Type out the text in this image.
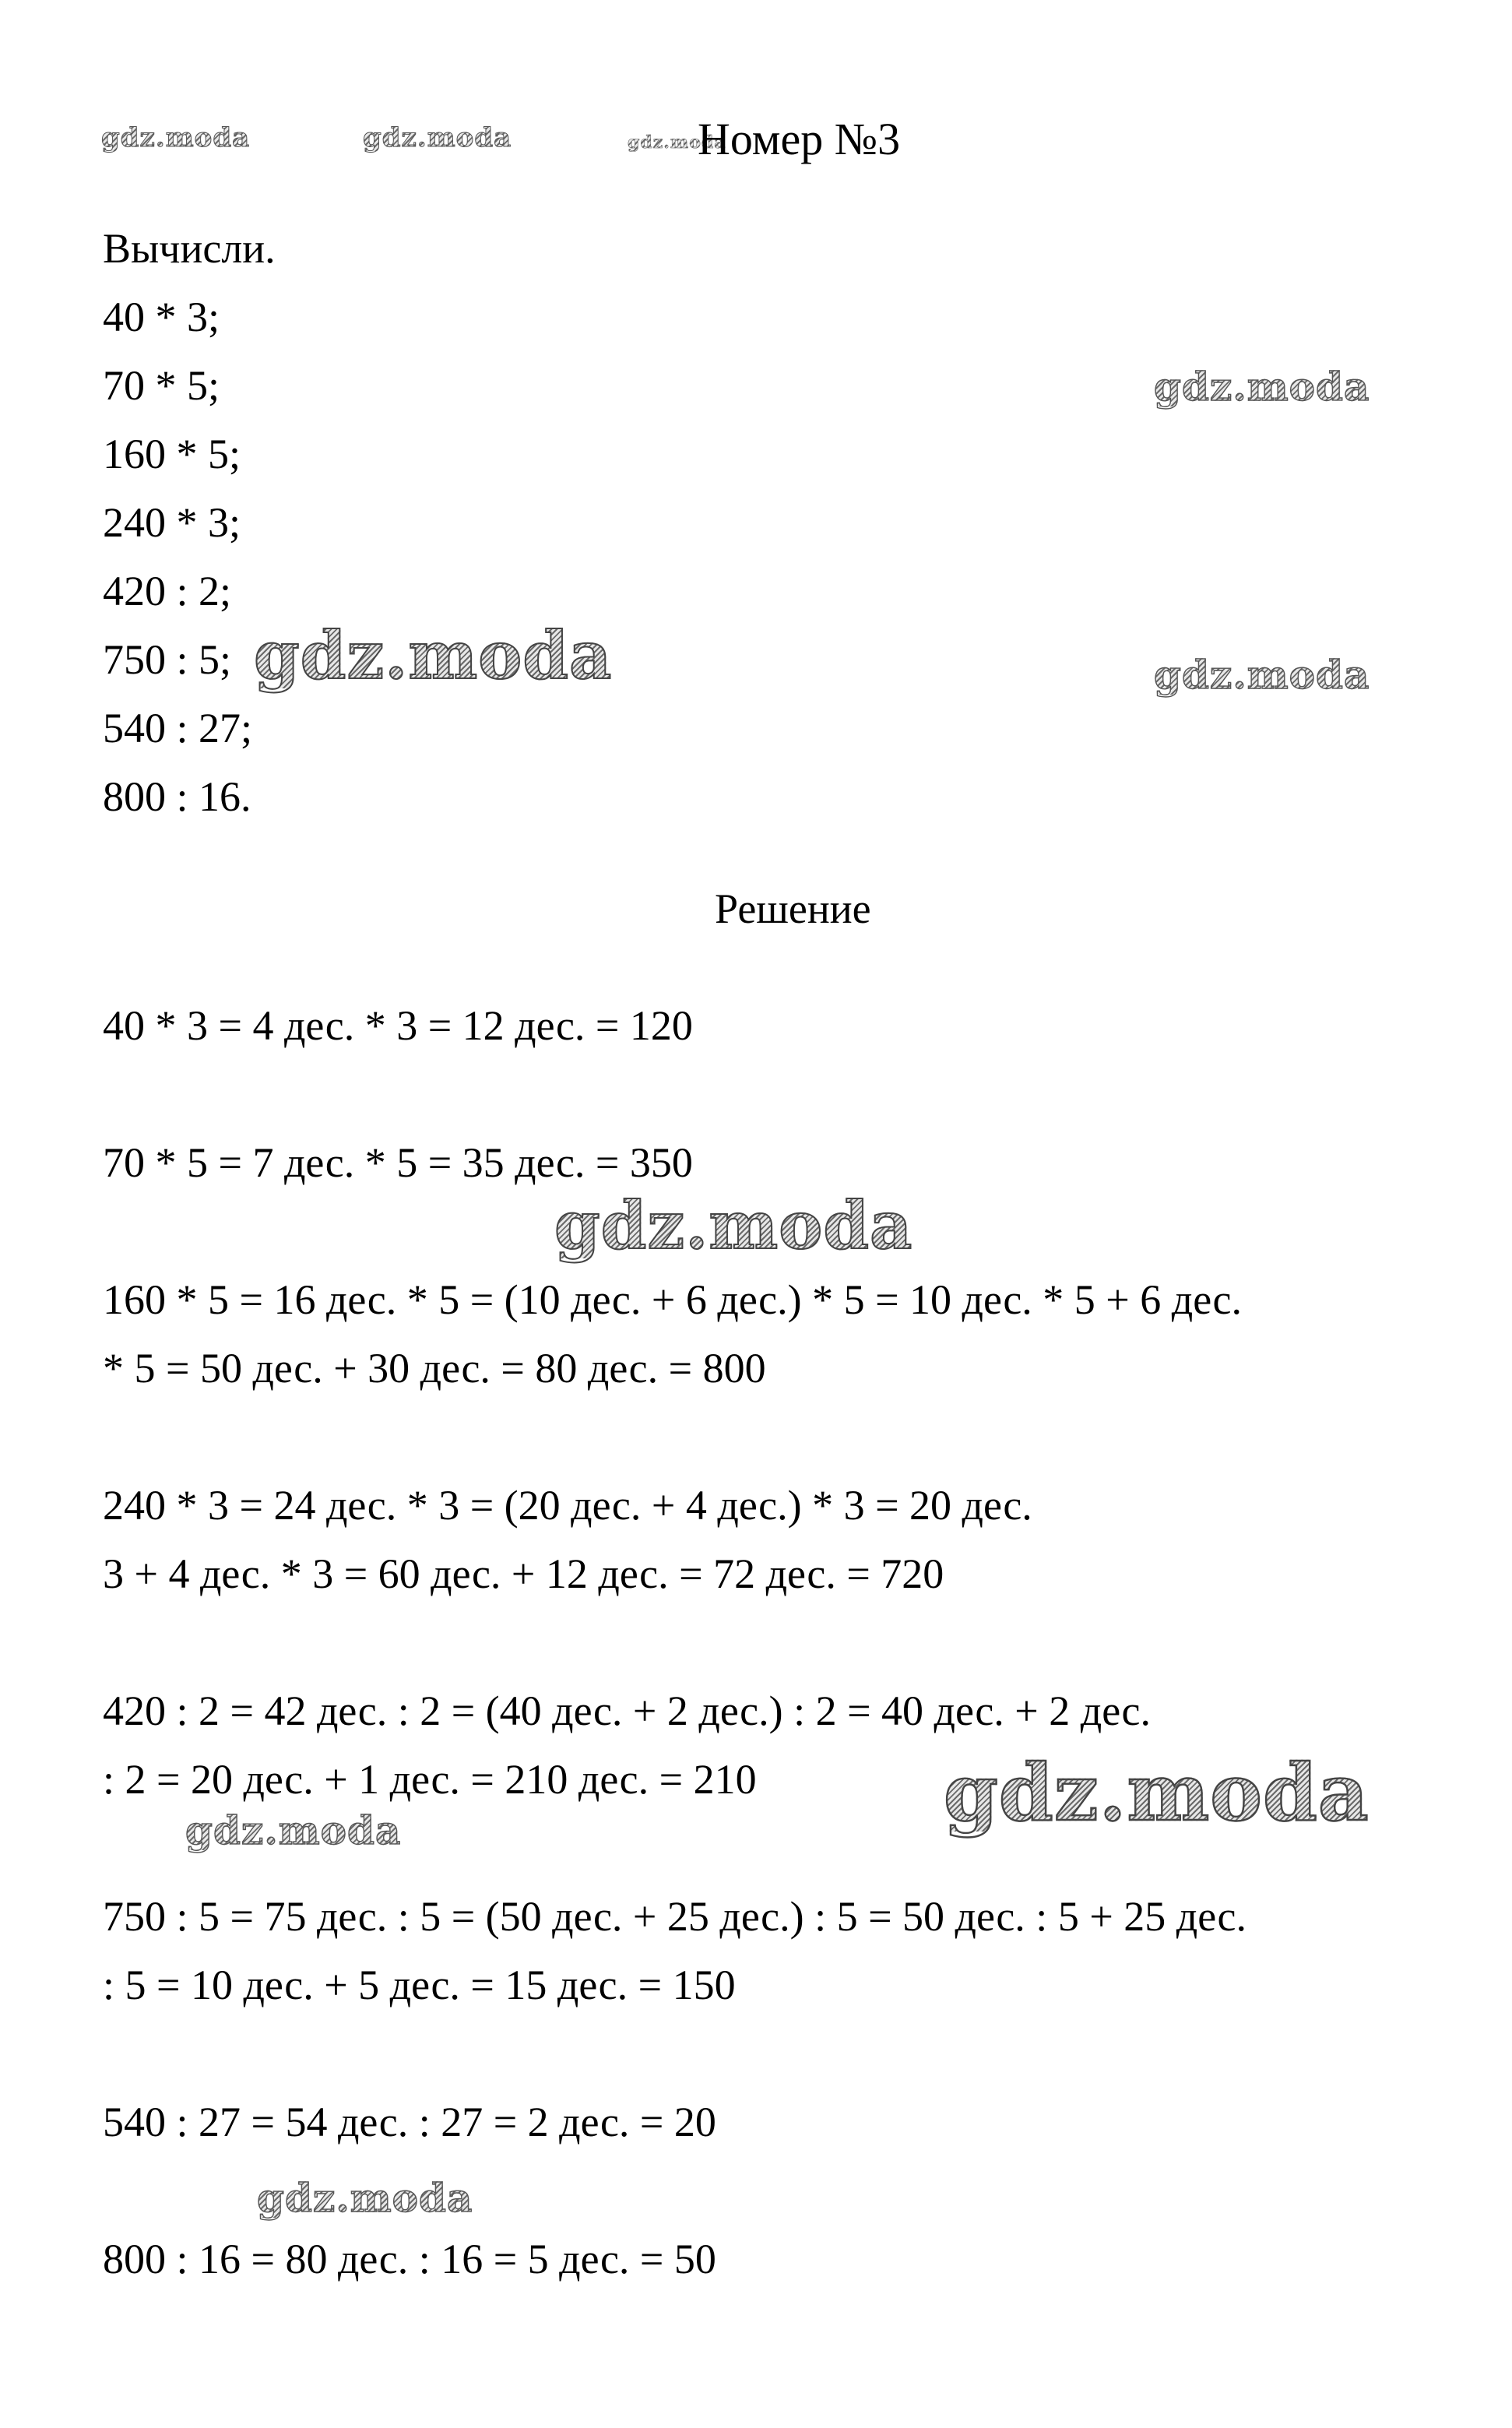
gdz.moda	gdz.moda	gdz.moda
Номер №3
Вычисли.
40 * 3;
70 * 5;
160 * 5;
240 * 3;
420 : 2;
750 : 5;
540 : 27;
800 : 16.
Решение
40 * 3 = 4 дес. * 3 = 12 дес. = 120
70 * 5 = 7 дес. * 5 = 35 дес. = 350
160 * 5 = 16 дес. * 5 = (10 дес. + 6 дес.) * 5 = 10 дес. * 5 + 6 дес.
* 5 = 50 дес. + 30 дес. = 80 дес. = 800
240 * 3 = 24 дес. * 3 = (20 дес. + 4 дес.) * 3 = 20 дес.
3 + 4 дес. * 3 = 60 дес. + 12 дес. = 72 дес. = 720
420 : 2 = 42 дес. : 2 = (40 дес. + 2 дес.) : 2 = 40 дес. + 2 дес.
: 2 = 20 дес. + 1 дес. = 210 дес. = 210
750 : 5 = 75 дес. : 5 = (50 дес. + 25 дес.) : 5 = 50 дес. : 5 + 25 дес.
: 5 = 10 дес. + 5 дес. = 15 дес. = 150
540 : 27 = 54 дес. : 27 = 2 дес. = 20
800 : 16 = 80 дес. : 16 = 5 дес. = 50
gdz.moda
gdz.moda	gdz.moda
gdz.moda
gdz.moda
gdz.moda
gdz.moda
